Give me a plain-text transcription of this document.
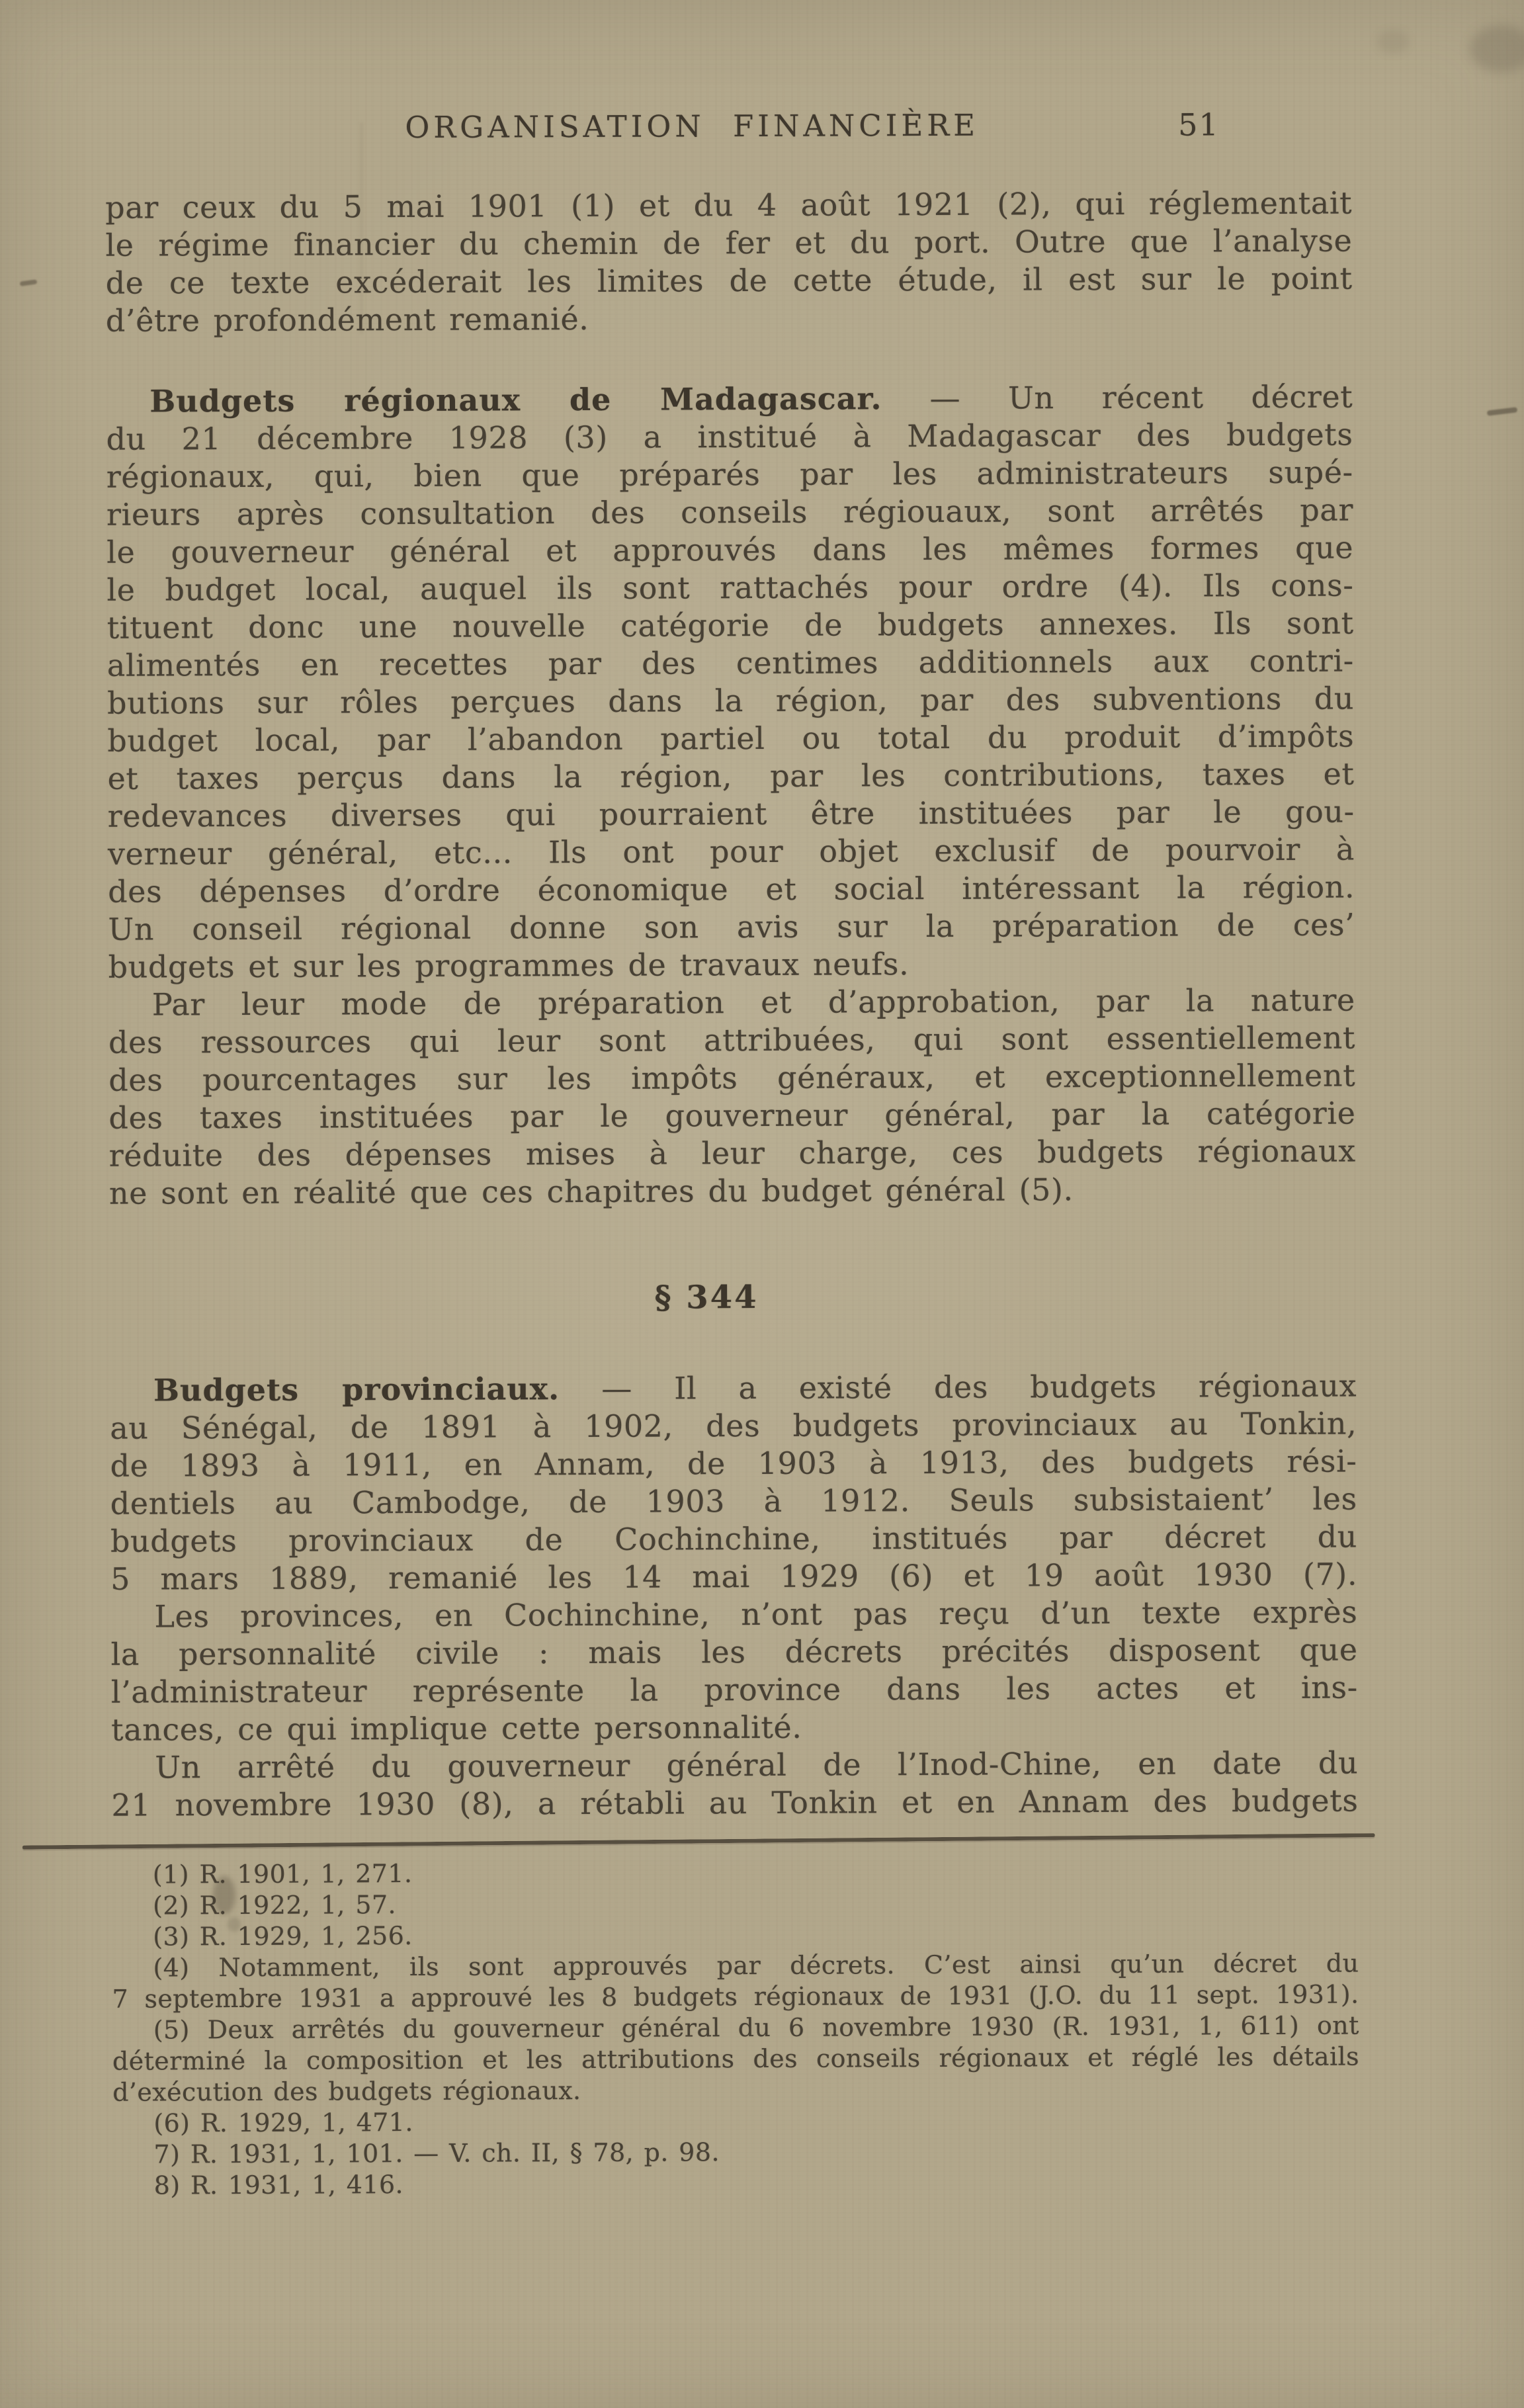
ORGANISATION FINANCIÈRE	51
par ceux du 5 mai 1901 (1) et du 4 août 1921 (2), qui réglementait
le régime financier du chemin de fer et du port. Outre que l’analyse
de ce texte excéderait les limites de cette étude, il est sur le point
d’être profondément remanié.
Budgets régionaux de Madagascar. — Un récent décret
du 21 décembre 1928 (3) a institué à Madagascar des budgets
régionaux, qui, bien que préparés par les administrateurs supé-
rieurs après consultation des conseils régiouaux, sont arrêtés par
le gouverneur général et approuvés dans les mêmes formes que
le budget local, auquel ils sont rattachés pour ordre (4). Ils cons-
tituent donc une nouvelle catégorie de budgets annexes. Ils sont
alimentés en recettes par des centimes additionnels aux contri-
butions sur rôles perçues dans la région, par des subventions du
budget local, par l’abandon partiel ou total du produit d’impôts
et taxes perçus dans la région, par les contributions, taxes et
redevances diverses qui pourraient être instituées par le gou-
verneur général, etc... Ils ont pour objet exclusif de pourvoir à
des dépenses d’ordre économique et social intéressant la région.
Un conseil régional donne son avis sur la préparation de ces’
budgets et sur les programmes de travaux neufs.
Par leur mode de préparation et d’approbation, par la nature
des ressources qui leur sont attribuées, qui sont essentiellement
des pourcentages sur les impôts généraux, et exceptionnellement
des taxes instituées par le gouverneur général, par la catégorie
réduite des dépenses mises à leur charge, ces budgets régionaux
ne sont en réalité que ces chapitres du budget général (5).
§ 344
Budgets provinciaux. — Il a existé des budgets régionaux
au Sénégal, de 1891 à 1902, des budgets provinciaux au Tonkin,
de 1893 à 1911, en Annam, de 1903 à 1913, des budgets rési-
dentiels au Cambodge, de 1903 à 1912. Seuls subsistaient’ les
budgets provinciaux de Cochinchine, institués par décret du
5 mars 1889, remanié les 14 mai 1929 (6) et 19 août 1930 (7).
Les provinces, en Cochinchine, n’ont pas reçu d’un texte exprès
la personnalité civile : mais les décrets précités disposent que
l’administrateur représente la province dans les actes et ins-
tances, ce qui implique cette personnalité.
Un arrêté du gouverneur général de l’Inod-Chine, en date du
21 novembre 1930 (8), a rétabli au Tonkin et en Annam des budgets
(1) R. 1901, 1, 271.
(2) R. 1922, 1, 57.
(3) R. 1929, 1, 256.
(4) Notamment, ils sont approuvés par décrets. C’est ainsi qu’un décret du
7 septembre 1931 a approuvé les 8 budgets régionaux de 1931 (J.O. du 11 sept. 1931).
(5) Deux arrêtés du gouverneur général du 6 novembre 1930 (R. 1931, 1, 611) ont
déterminé la composition et les attributions des conseils régionaux et réglé les détails
d’exécution des budgets régionaux.
(6) R. 1929, 1, 471.
7) R. 1931, 1, 101. — V. ch. II, § 78, p. 98.
8) R. 1931, 1, 416.
